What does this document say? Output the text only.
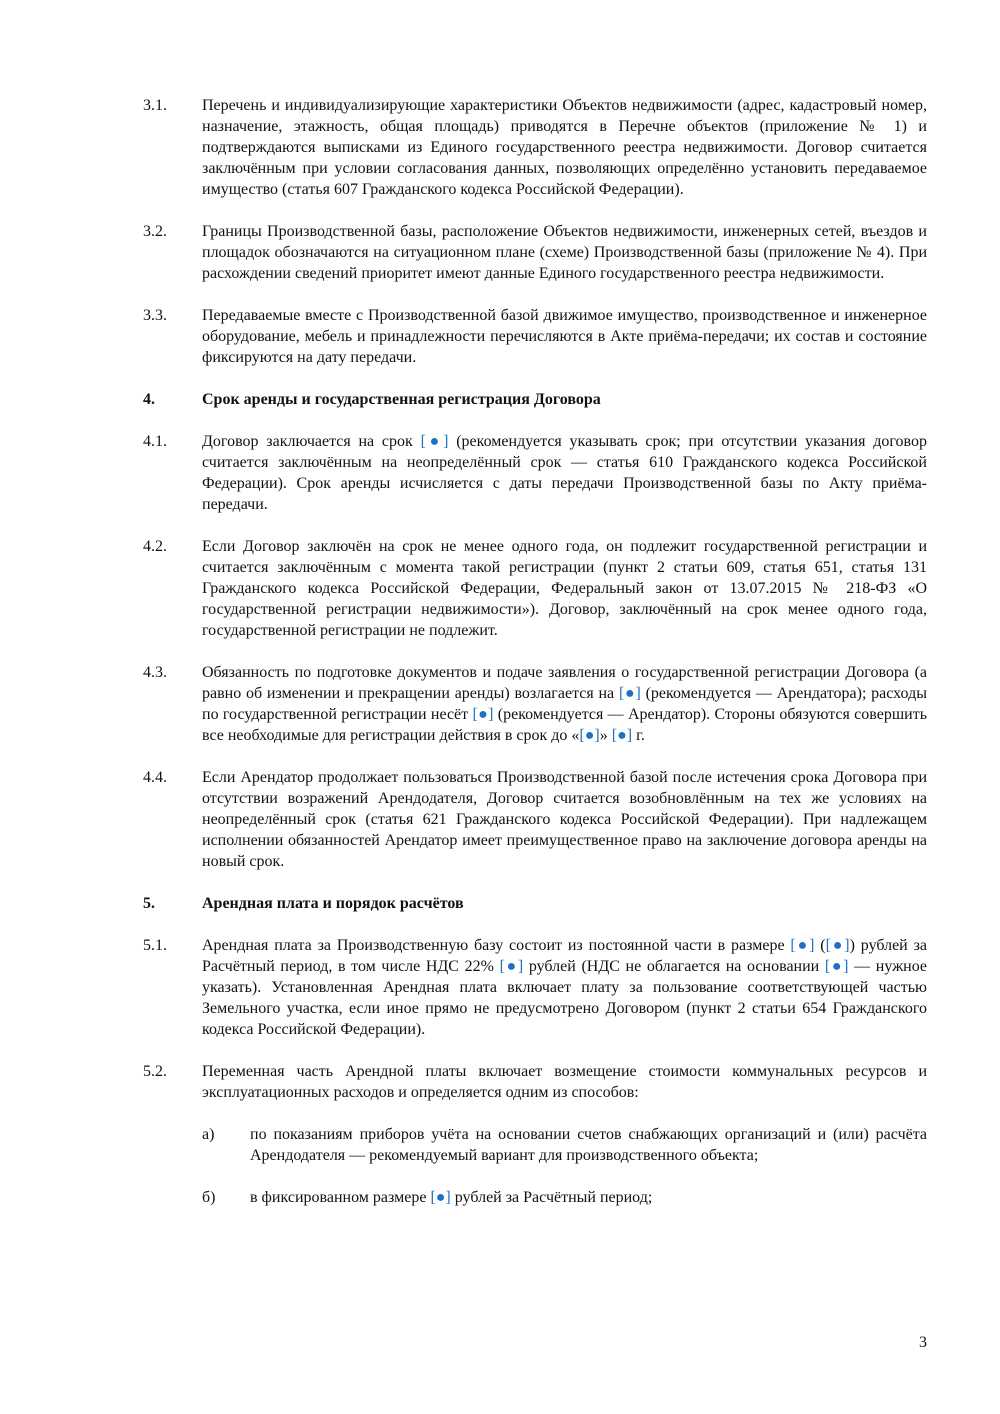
3.1.	Перечень и индивидуализирующие характеристики Объектов недвижимости (адрес, кадастровый номер, назначение, этажность, общая площадь) приводятся в Перечне объектов (приложение № 1) и подтверждаются выписками из Единого государственного реестра недвижимости. Договор считается заключённым при условии согласования данных, позволяющих определённо установить передаваемое имущество (статья 607 Гражданского кодекса Российской Федерации).
3.2.	Границы Производственной базы, расположение Объектов недвижимости, инженерных сетей, въездов и площадок обозначаются на ситуационном плане (схеме) Производственной базы (приложение № 4). При расхождении сведений приоритет имеют данные Единого государственного реестра недвижимости.
3.3.	Передаваемые вместе с Производственной базой движимое имущество, производственное и инженерное оборудование, мебель и принадлежности перечисляются в Акте приёма-передачи; их состав и состояние фиксируются на дату передачи.
4.	Срок аренды и государственная регистрация Договора
4.1.	Договор заключается на срок [●] (рекомендуется указывать срок; при отсутствии указания договор считается заключённым на неопределённый срок — статья 610 Гражданского кодекса Российской Федерации). Срок аренды исчисляется с даты передачи Производственной базы по Акту приёма-передачи.
4.2.	Если Договор заключён на срок не менее одного года, он подлежит государственной регистрации и считается заключённым с момента такой регистрации (пункт 2 статьи 609, статья 651, статья 131 Гражданского кодекса Российской Федерации, Федеральный закон от 13.07.2015 № 218-ФЗ «О государственной регистрации недвижимости»). Договор, заключённый на срок менее одного года, государственной регистрации не подлежит.
4.3.	Обязанность по подготовке документов и подаче заявления о государственной регистрации Договора (а равно об изменении и прекращении аренды) возлагается на [●] (рекомендуется — Арендатора); расходы по государственной регистрации несёт [●] (рекомендуется — Арендатор). Стороны обязуются совершить все необходимые для регистрации действия в срок до «[●]» [●] г.
4.4.	Если Арендатор продолжает пользоваться Производственной базой после истечения срока Договора при отсутствии возражений Арендодателя, Договор считается возобновлённым на тех же условиях на неопределённый срок (статья 621 Гражданского кодекса Российской Федерации). При надлежащем исполнении обязанностей Арендатор имеет преимущественное право на заключение договора аренды на новый срок.
5.	Арендная плата и порядок расчётов
5.1.	Арендная плата за Производственную базу состоит из постоянной части в размере [●] ([●]) рублей за Расчётный период, в том числе НДС 22% [●] рублей (НДС не облагается на основании [●] — нужное указать). Установленная Арендная плата включает плату за пользование соответствующей частью Земельного участка, если иное прямо не предусмотрено Договором (пункт 2 статьи 654 Гражданского кодекса Российской Федерации).
5.2.	Переменная часть Арендной платы включает возмещение стоимости коммунальных ресурсов и эксплуатационных расходов и определяется одним из способов:
а)	по показаниям приборов учёта на основании счетов снабжающих организаций и (или) расчёта Арендодателя — рекомендуемый вариант для производственного объекта;
б)	в фиксированном размере [●] рублей за Расчётный период;
3
